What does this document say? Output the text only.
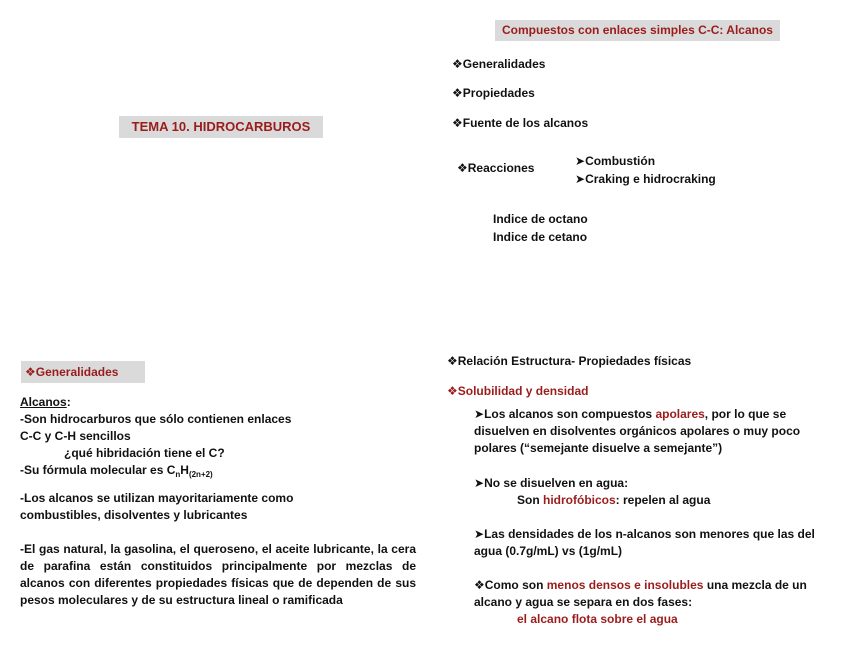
Compuestos con enlaces simples C-C: Alcanos
TEMA 10. HIDROCARBUROS
❖Generalidades
❖Propiedades
❖Fuente de los alcanos
❖Reacciones	➤Combustión
➤Craking e hidrocraking
Indice de octano
Indice de cetano
❖Generalidades
Alcanos:
-Son hidrocarburos que sólo contienen enlaces
C-C y C-H sencillos
¿qué hibridación tiene el C?
-Su fórmula molecular es $C_nH_{(2n+2)}$
-Los alcanos se utilizan mayoritariamente como combustibles, disolventes y lubricantes
-El gas natural, la gasolina, el queroseno, el aceite lubricante, la cera de parafina están constituidos principalmente por mezclas de alcanos con diferentes propiedades físicas que de dependen de sus pesos moleculares y de su estructura lineal o ramificada
❖Relación Estructura- Propiedades físicas
❖Solubilidad y densidad
➤Los alcanos son compuestos apolares, por lo que se disuelven en disolventes orgánicos apolares o muy poco polares (“semejante disuelve a semejante”)
➤No se disuelven en agua:
Son hidrofóbicos: repelen al agua
➤Las densidades de los n-alcanos son menores que las del agua (0.7g/mL) vs (1g/mL)
❖Como son menos densos e insolubles una mezcla de un alcano y agua se separa en dos fases:
el alcano flota sobre el agua
